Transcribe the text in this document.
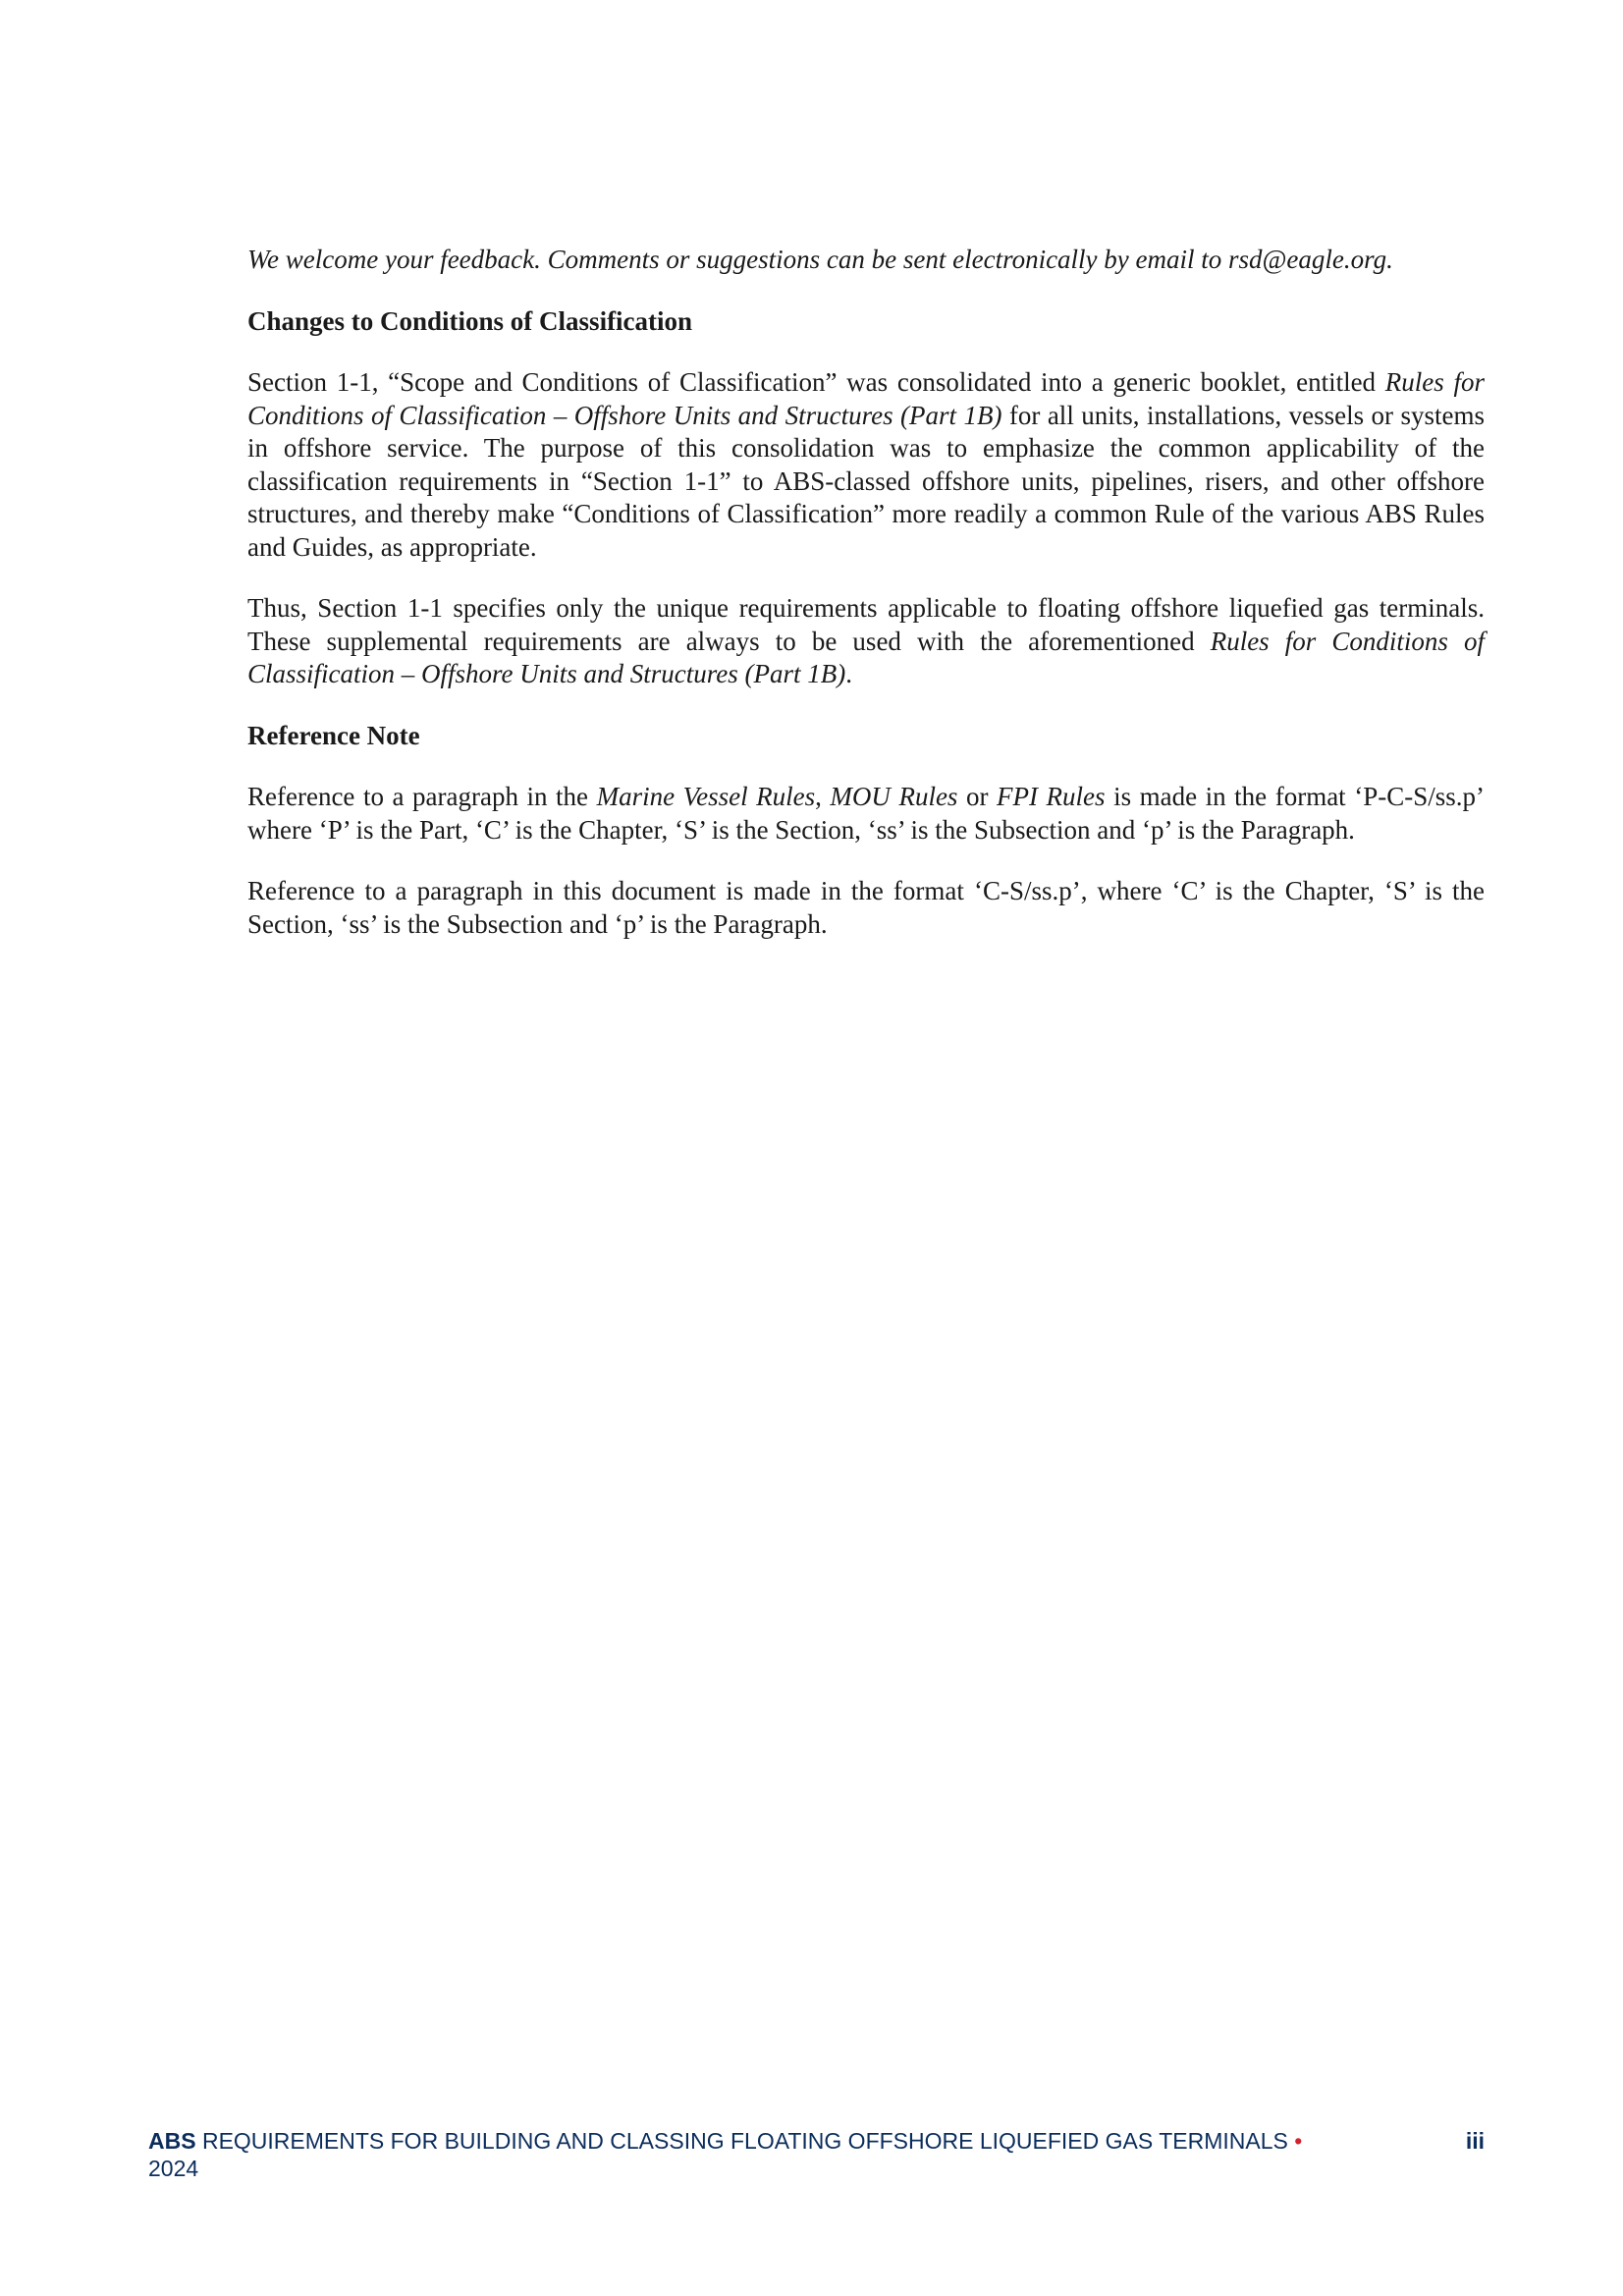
We welcome your feedback. Comments or suggestions can be sent electronically by email to rsd@eagle.org.

Changes to Conditions of Classification

Section 1-1, “Scope and Conditions of Classification” was consolidated into a generic booklet, entitled Rules for Conditions of Classification – Offshore Units and Structures (Part 1B) for all units, installations, vessels or systems in offshore service. The purpose of this consolidation was to emphasize the common applicability of the classification requirements in “Section 1-1” to ABS-classed offshore units, pipelines, risers, and other offshore structures, and thereby make “Conditions of Classification” more readily a common Rule of the various ABS Rules and Guides, as appropriate.

Thus, Section 1-1 specifies only the unique requirements applicable to floating offshore liquefied gas terminals. These supplemental requirements are always to be used with the aforementioned Rules for Conditions of Classification – Offshore Units and Structures (Part 1B).

Reference Note

Reference to a paragraph in the Marine Vessel Rules, MOU Rules or FPI Rules is made in the format ‘P-C-S/ss.p’ where ‘P’ is the Part, ‘C’ is the Chapter, ‘S’ is the Section, ‘ss’ is the Subsection and ‘p’ is the Paragraph.

Reference to a paragraph in this document is made in the format ‘C-S/ss.p’, where ‘C’ is the Chapter, ‘S’ is the Section, ‘ss’ is the Subsection and ‘p’ is the Paragraph.

ABS REQUIREMENTS FOR BUILDING AND CLASSING FLOATING OFFSHORE LIQUEFIED GAS TERMINALS • 2024
iii
